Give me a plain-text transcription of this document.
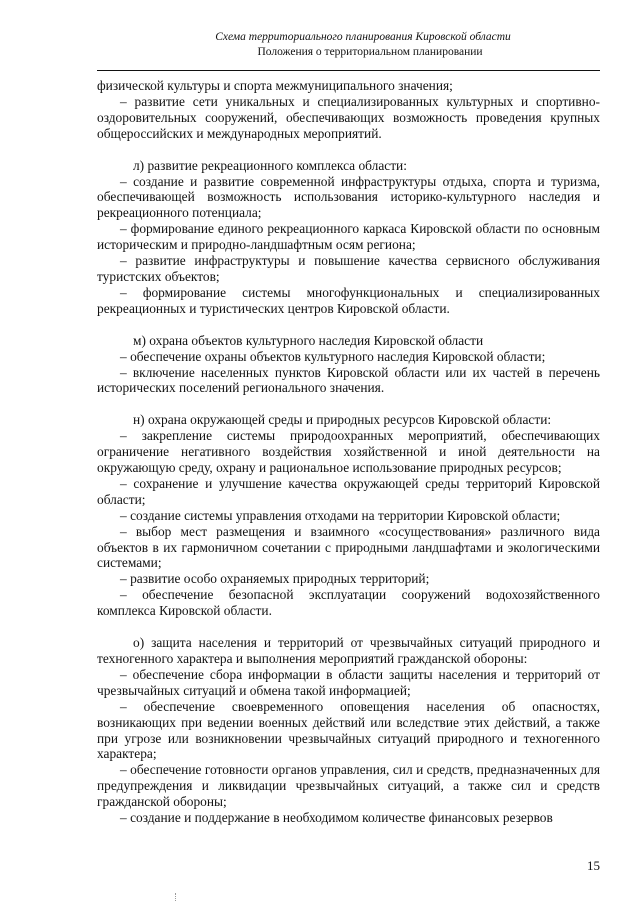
Схема территориального планирования Кировской области
Положения о территориальном планировании

физической культуры и спорта межмуниципального значения;

– развитие сети уникальных и специализированных культурных и спортивно-оздоровительных сооружений, обеспечивающих возможность проведения крупных общероссийских и международных мероприятий.

л) развитие рекреационного комплекса области:

– создание и развитие современной инфраструктуры отдыха, спорта и туризма, обеспечивающей возможность использования историко-культурного наследия и рекреационного потенциала;

– формирование единого рекреационного каркаса Кировской области по основным историческим и природно-ландшафтным осям региона;

– развитие инфраструктуры и повышение качества сервисного обслуживания туристских объектов;

– формирование системы многофункциональных и специализированных рекреационных и туристических центров Кировской области.

м) охрана объектов культурного наследия Кировской области

– обеспечение охраны объектов культурного наследия Кировской области;

– включение населенных пунктов Кировской области или их частей в перечень исторических поселений регионального значения.

н) охрана окружающей среды и природных ресурсов Кировской области:

– закрепление системы природоохранных мероприятий, обеспечивающих ограничение негативного воздействия хозяйственной и иной деятельности на окружающую среду, охрану и рациональное использование природных ресурсов;

– сохранение и улучшение качества окружающей среды территорий Кировской области;

– создание системы управления отходами на территории Кировской области;

– выбор мест размещения и взаимного «сосуществования» различного вида объектов в их гармоничном сочетании с природными ландшафтами и экологическими системами;

– развитие особо охраняемых природных территорий;

– обеспечение безопасной эксплуатации сооружений водохозяйственного комплекса Кировской области.

о) защита населения и территорий от чрезвычайных ситуаций природного и техногенного характера и выполнения мероприятий гражданской обороны:

– обеспечение сбора информации в области защиты населения и территорий от чрезвычайных ситуаций и обмена такой информацией;

– обеспечение своевременного оповещения населения об опасностях, возникающих при ведении военных действий или вследствие этих действий, а также при угрозе или возникновении чрезвычайных ситуаций природного и техногенного характера;

– обеспечение готовности органов управления, сил и средств, предназначенных для предупреждения и ликвидации чрезвычайных ситуаций, а также сил и средств гражданской обороны;

– создание и поддержание в необходимом количестве финансовых резервов

15
